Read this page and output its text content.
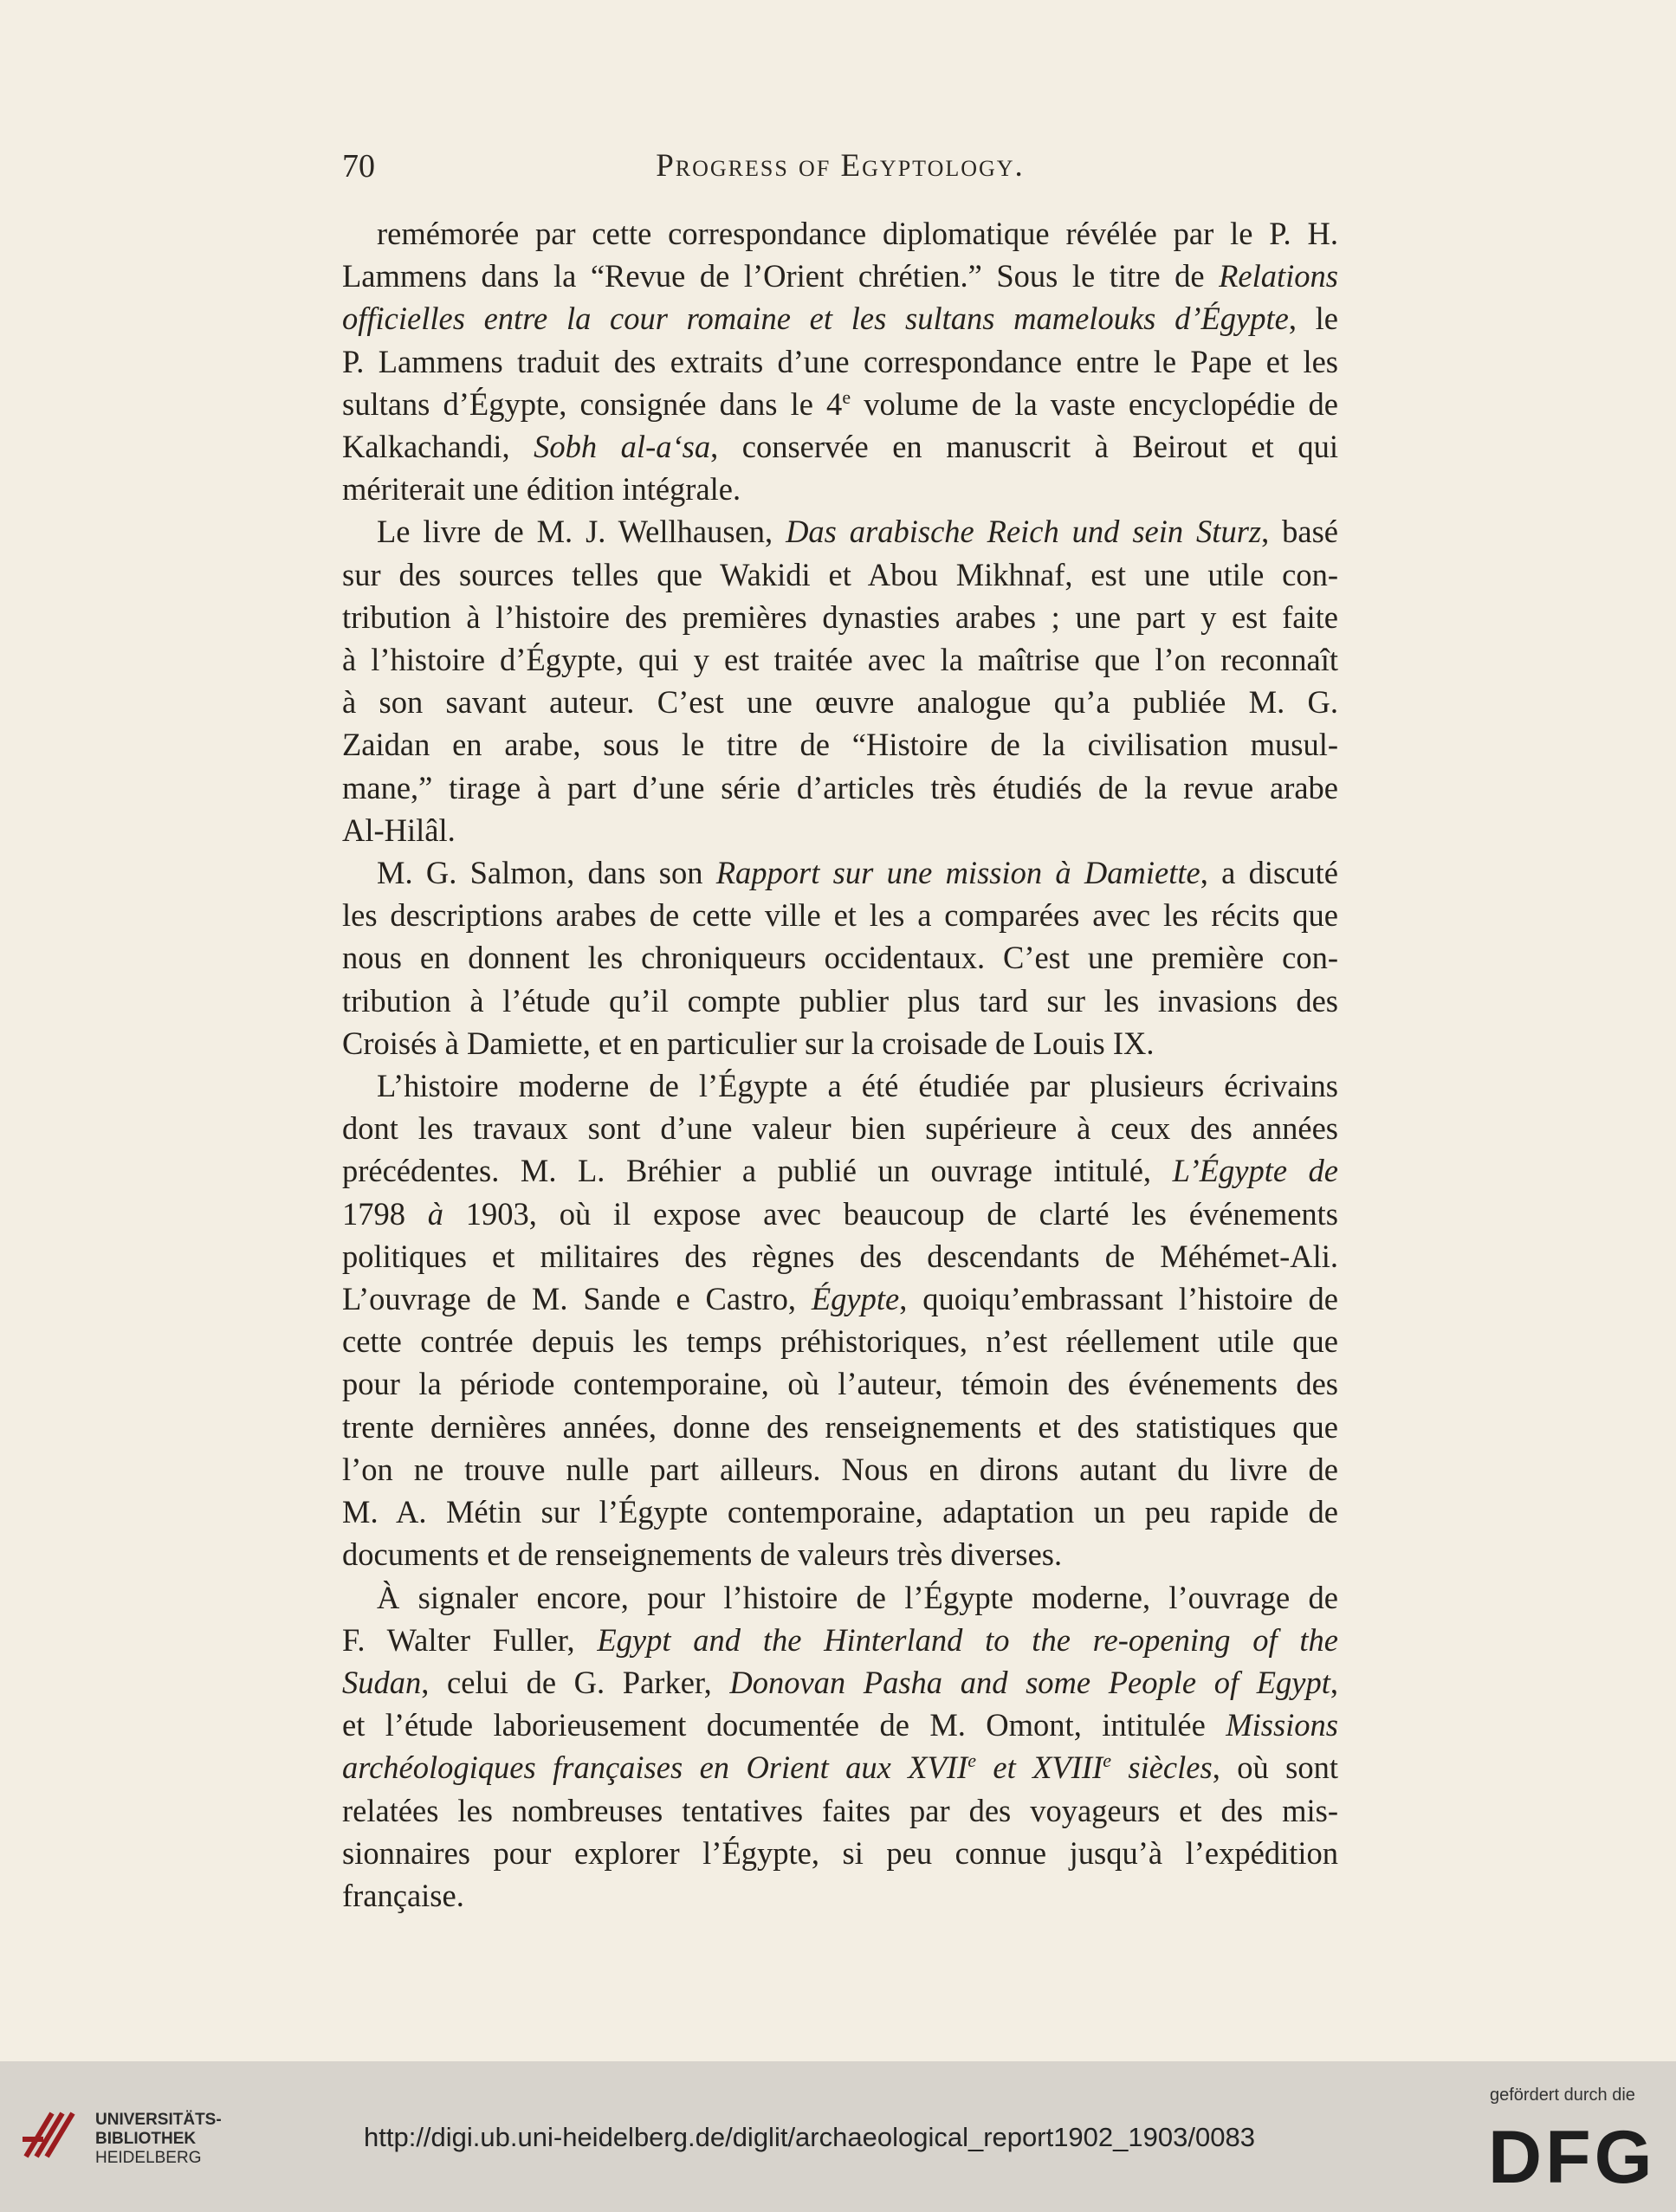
70	Progress of Egyptology.

remémorée par cette correspondance diplomatique révélée par le P. H.
Lammens dans la “Revue de l’Orient chrétien.” Sous le titre de Relations
officielles entre la cour romaine et les sultans mamelouks d’Égypte, le
P. Lammens traduit des extraits d’une correspondance entre le Pape et les
sultans d’Égypte, consignée dans le 4e volume de la vaste encyclopédie de
Kalkachandi, Sobh al-a‘sa, conservée en manuscrit à Beirout et qui
mériterait une édition intégrale.

Le livre de M. J. Wellhausen, Das arabische Reich und sein Sturz, basé
sur des sources telles que Wakidi et Abou Mikhnaf, est une utile con-
tribution à l’histoire des premières dynasties arabes ; une part y est faite
à l’histoire d’Égypte, qui y est traitée avec la maîtrise que l’on reconnaît
à son savant auteur. C’est une œuvre analogue qu’a publiée M. G.
Zaidan en arabe, sous le titre de “Histoire de la civilisation musul-
mane,” tirage à part d’une série d’articles très étudiés de la revue arabe
Al-Hilâl.

M. G. Salmon, dans son Rapport sur une mission à Damiette, a discuté
les descriptions arabes de cette ville et les a comparées avec les récits que
nous en donnent les chroniqueurs occidentaux. C’est une première con-
tribution à l’étude qu’il compte publier plus tard sur les invasions des
Croisés à Damiette, et en particulier sur la croisade de Louis IX.

L’histoire moderne de l’Égypte a été étudiée par plusieurs écrivains
dont les travaux sont d’une valeur bien supérieure à ceux des années
précédentes. M. L. Bréhier a publié un ouvrage intitulé, L’Égypte de
1798 à 1903, où il expose avec beaucoup de clarté les événements
politiques et militaires des règnes des descendants de Méhémet-Ali.
L’ouvrage de M. Sande e Castro, Égypte, quoiqu’embrassant l’histoire de
cette contrée depuis les temps préhistoriques, n’est réellement utile que
pour la période contemporaine, où l’auteur, témoin des événements des
trente dernières années, donne des renseignements et des statistiques que
l’on ne trouve nulle part ailleurs. Nous en dirons autant du livre de
M. A. Métin sur l’Égypte contemporaine, adaptation un peu rapide de
documents et de renseignements de valeurs très diverses.

À signaler encore, pour l’histoire de l’Égypte moderne, l’ouvrage de
F. Walter Fuller, Egypt and the Hinterland to the re-opening of the
Sudan, celui de G. Parker, Donovan Pasha and some People of Egypt,
et l’étude laborieusement documentée de M. Omont, intitulée Missions
archéologiques françaises en Orient aux XVIIe et XVIIIe siècles, où sont
relatées les nombreuses tentatives faites par des voyageurs et des mis-
sionnaires pour explorer l’Égypte, si peu connue jusqu’à l’expédition
française.

UNIVERSITÄTS-
BIBLIOTHEK
HEIDELBERG
http://digi.ub.uni-heidelberg.de/diglit/archaeological_report1902_1903/0083
gefördert durch die
DFG
